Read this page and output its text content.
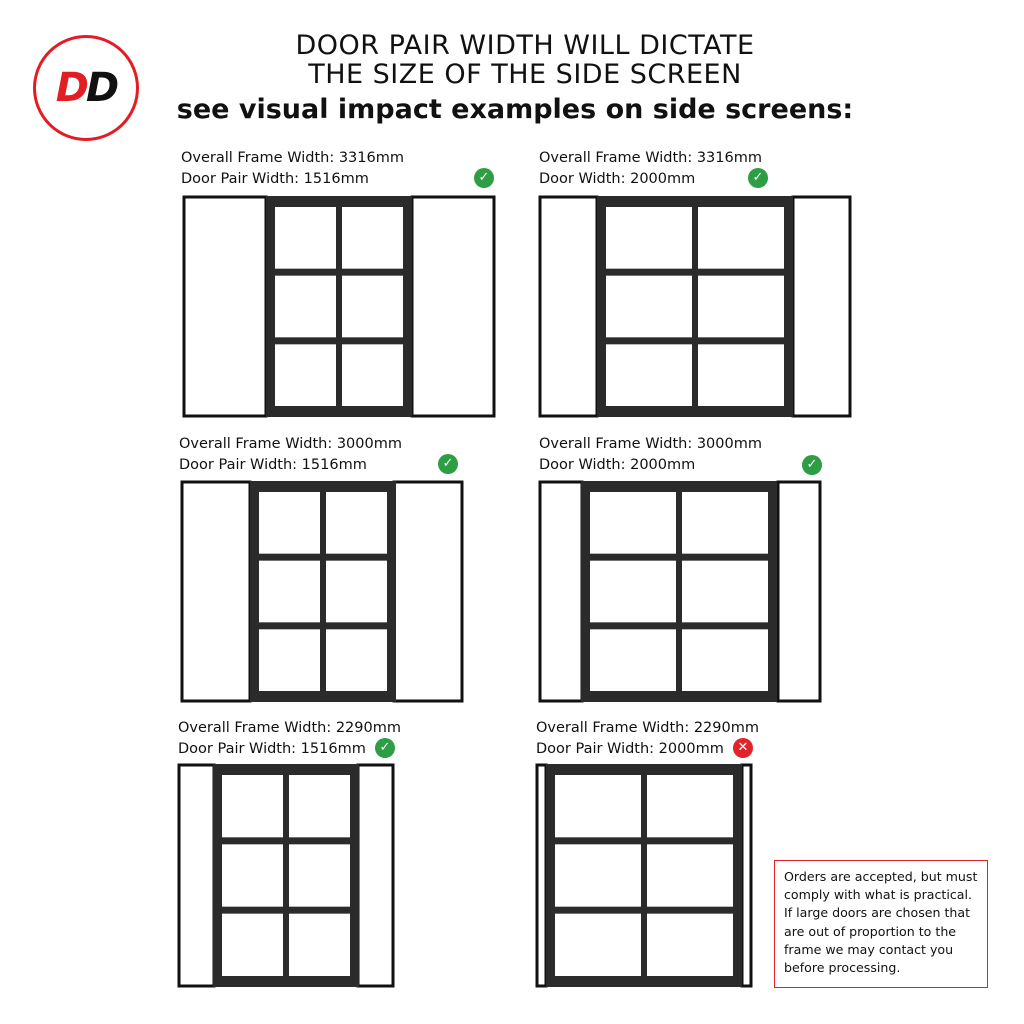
DD
DOOR PAIR WIDTH WILL DICTATE
THE SIZE OF THE SIDE SCREEN
see visual impact examples on side screens:
Overall Frame Width: 3316mm
Door Pair Width: 1516mm	✓
Overall Frame Width: 3316mm
Door Width: 2000mm	✓
Overall Frame Width: 3000mm
Door Pair Width: 1516mm	✓
Overall Frame Width: 3000mm
Door Width: 2000mm	✓
Overall Frame Width: 2290mm
Door Pair Width: 1516mm	✓
Overall Frame Width: 2290mm
Door Pair Width: 2000mm	✕
Orders are accepted, but must
comply with what is practical.
If large doors are chosen that
are out of proportion to the
frame we may contact you
before processing.
